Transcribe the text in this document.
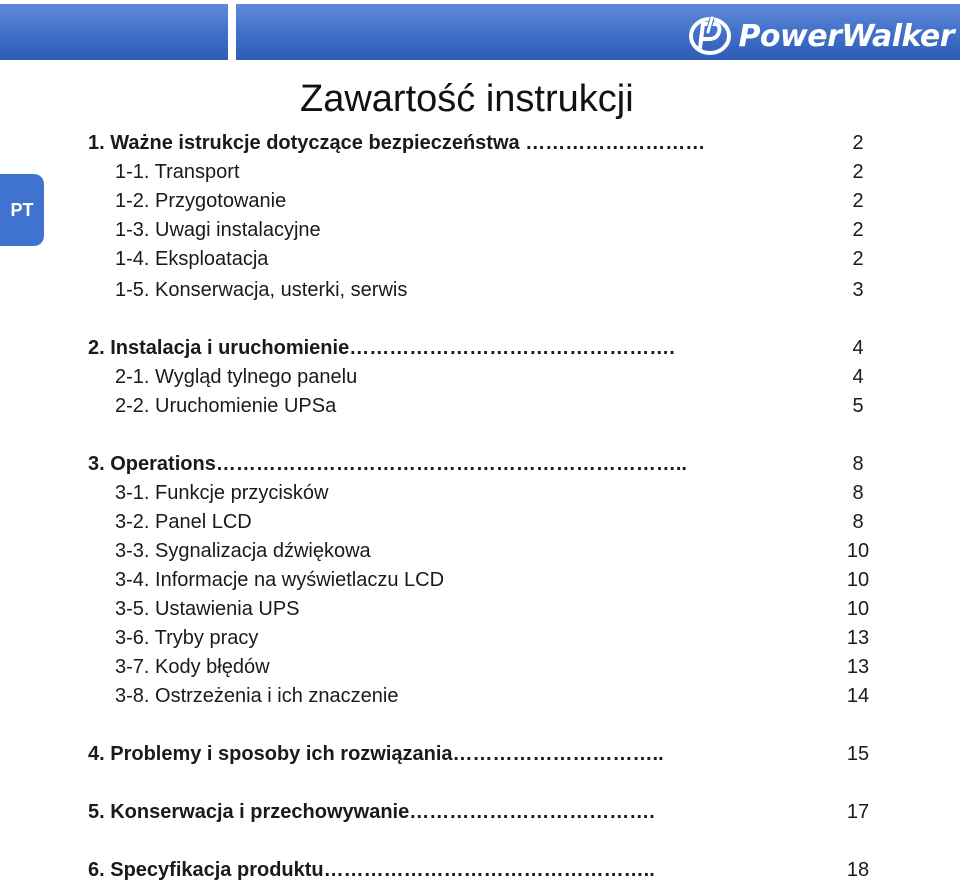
PowerWalker
PT
Zawartość instrukcji
1. Ważne istrukcje dotyczące bezpieczeństwa ………………………	2
1-1. Transport	2
1-2. Przygotowanie	2
1-3. Uwagi instalacyjne	2
1-4. Eksploatacja	2
1-5. Konserwacja, usterki, serwis	3
2. Instalacja i uruchomienie………………………………………….	4
2-1. Wygląd tylnego panelu	4
2-2. Uruchomienie UPSa	5
3. Operations……………………………………………………………..	8
3-1. Funkcje przycisków	8
3-2. Panel LCD	8
3-3. Sygnalizacja dźwiękowa	10
3-4. Informacje na wyświetlaczu LCD	10
3-5. Ustawienia UPS	10
3-6. Tryby pracy	13
3-7. Kody błędów	13
3-8. Ostrzeżenia i ich znaczenie	14
4. Problemy i sposoby ich rozwiązania…………………………..	15
5. Konserwacja i przechowywanie……………………………….	17
6. Specyfikacja produktu…………………………………………..	18
